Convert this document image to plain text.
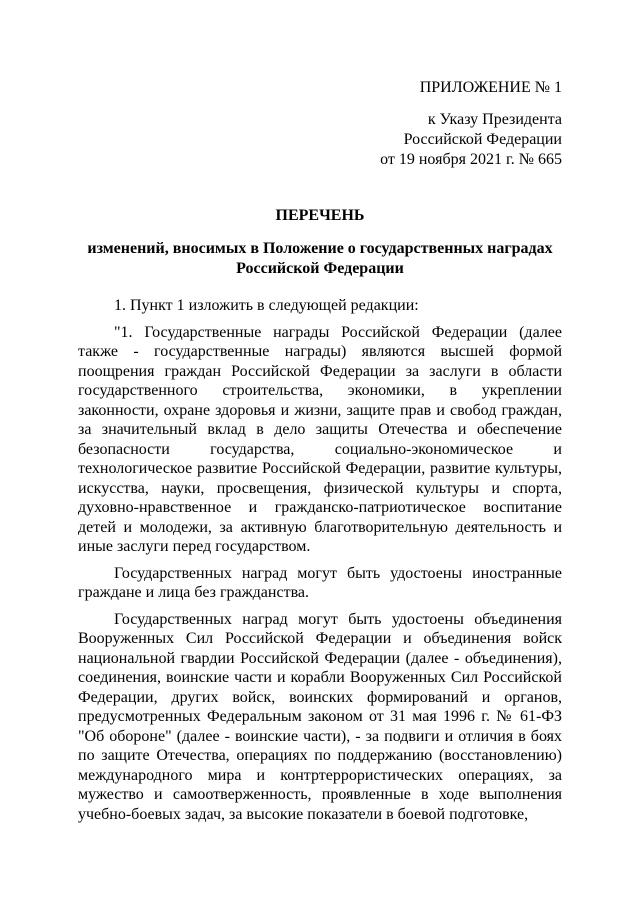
ПРИЛОЖЕНИЕ № 1
к Указу Президента
Российской Федерации
от 19 ноября 2021 г. № 665
ПЕРЕЧЕНЬ
изменений, вносимых в Положение о государственных наградах Российской Федерации

1. Пункт 1 изложить в следующей редакции:

"1. Государственные награды Российской Федерации (далее также - государственные награды) являются высшей формой поощрения граждан Российской Федерации за заслуги в области государственного строительства, экономики, в укреплении законности, охране здоровья и жизни, защите прав и свобод граждан, за значительный вклад в дело защиты Отечества и обеспечение безопасности государства, социально-экономическое и технологическое развитие Российской Федерации, развитие культуры, искусства, науки, просвещения, физической культуры и спорта, духовно-нравственное и гражданско-патриотическое воспитание детей и молодежи, за активную благотворительную деятельность и иные заслуги перед государством.

Государственных наград могут быть удостоены иностранные граждане и лица без гражданства.

Государственных наград могут быть удостоены объединения Вооруженных Сил Российской Федерации и объединения войск национальной гвардии Российской Федерации (далее - объединения), соединения, воинские части и корабли Вооруженных Сил Российской Федерации, других войск, воинских формирований и органов, предусмотренных Федеральным законом от 31 мая 1996 г. № 61-ФЗ "Об обороне" (далее - воинские части), - за подвиги и отличия в боях по защите Отечества, операциях по поддержанию (восстановлению) международного мира и контртеррористических операциях, за мужество и самоотверженность, проявленные в ходе выполнения учебно-боевых задач, за высокие показатели в боевой подготовке,
